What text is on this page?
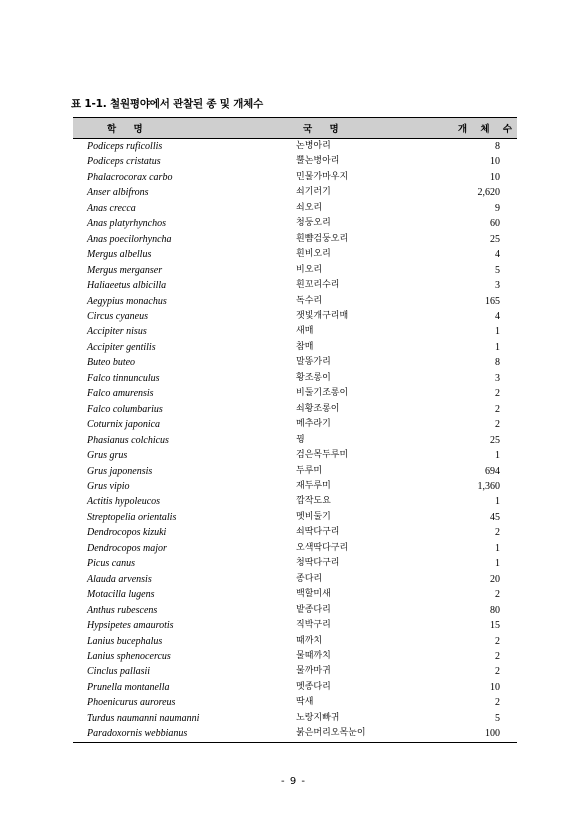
표 1-1. 철원평야에서 관찰된 종 및 개체수
학 명	국 명	개 체 수
Podiceps ruficollis	논병아리	8
Podiceps cristatus	뿔논병아리	10
Phalacrocorax carbo	민물가마우지	10
Anser albifrons	쇠기러기	2,620
Anas crecca	쇠오리	9
Anas platyrhynchos	청둥오리	60
Anas poecilorhyncha	흰뺨검둥오리	25
Mergus albellus	흰비오리	4
Mergus merganser	비오리	5
Haliaeetus albicilla	흰꼬리수리	3
Aegypius monachus	독수리	165
Circus cyaneus	잿빛개구리매	4
Accipiter nisus	새매	1
Accipiter gentilis	참매	1
Buteo buteo	말똥가리	8
Falco tinnunculus	황조롱이	3
Falco amurensis	비둘기조롱이	2
Falco columbarius	쇠황조롱이	2
Coturnix japonica	메추라기	2
Phasianus colchicus	꿩	25
Grus grus	검은목두루미	1
Grus japonensis	두루미	694
Grus vipio	재두루미	1,360
Actitis hypoleucos	깝작도요	1
Streptopelia orientalis	멧비둘기	45
Dendrocopos kizuki	쇠딱다구리	2
Dendrocopos major	오색딱다구리	1
Picus canus	청딱다구리	1
Alauda arvensis	종다리	20
Motacilla lugens	백할미새	2
Anthus rubescens	밭종다리	80
Hypsipetes amaurotis	직박구리	15
Lanius bucephalus	때까치	2
Lanius sphenocercus	물때까치	2
Cinclus pallasii	물까마귀	2
Prunella montanella	멧종다리	10
Phoenicurus auroreus	딱새	2
Turdus naumanni naumanni	노랑지빠귀	5
Paradoxornis webbianus	붉은머리오목눈이	100
- 9 -
